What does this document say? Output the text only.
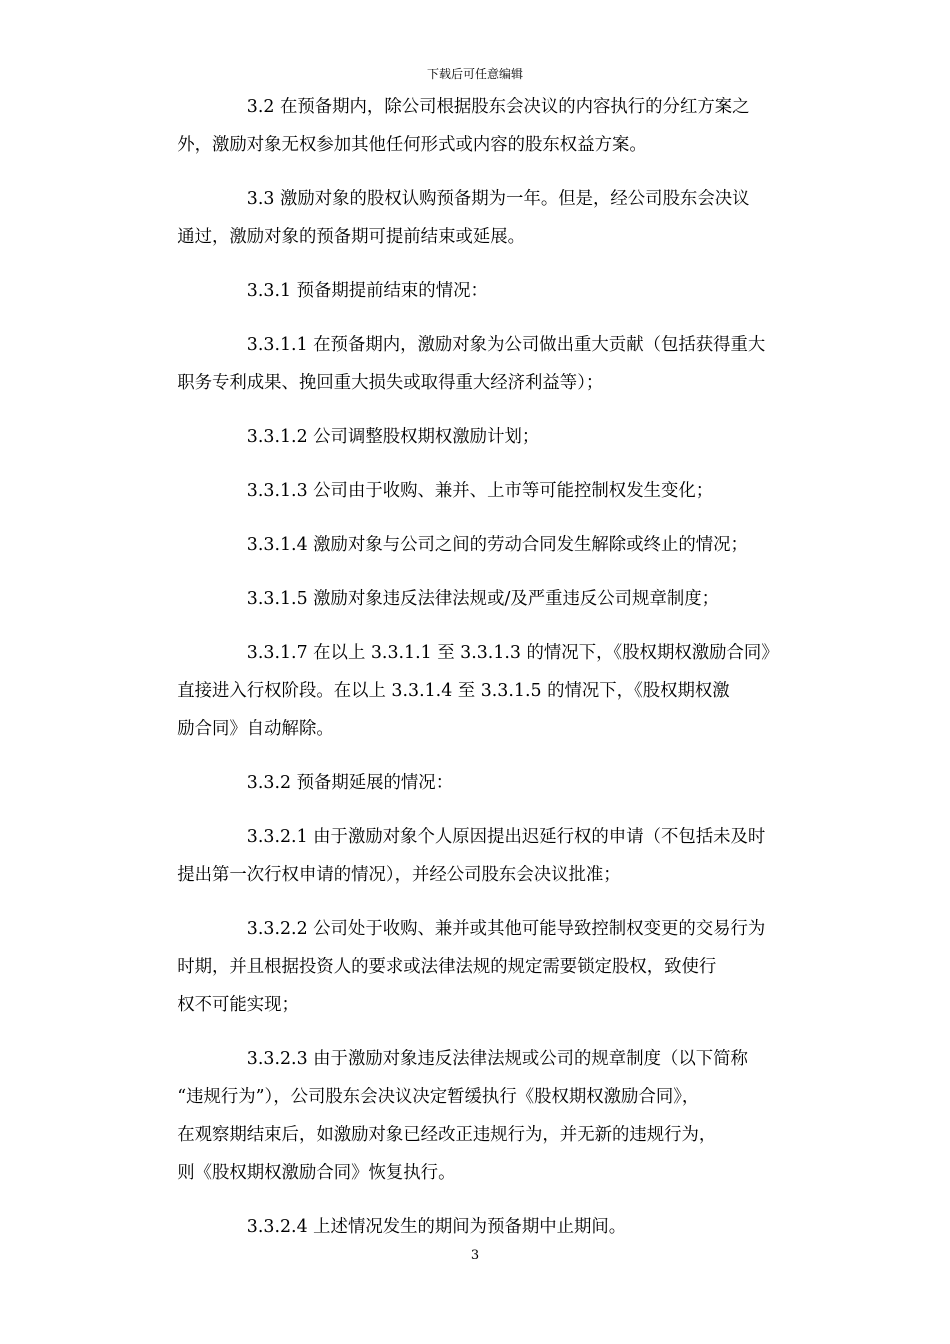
下载后可任意编辑

3.2 在预备期内，除公司根据股东会决议的内容执行的分红方案之
外，激励对象无权参加其他任何形式或内容的股东权益方案。

3.3 激励对象的股权认购预备期为一年。但是，经公司股东会决议
通过，激励对象的预备期可提前结束或延展。

3.3.1 预备期提前结束的情况：

3.3.1.1 在预备期内，激励对象为公司做出重大贡献（包括获得重大
职务专利成果、挽回重大损失或取得重大经济利益等）；

3.3.1.2 公司调整股权期权激励计划；

3.3.1.3 公司由于收购、兼并、上市等可能控制权发生变化；

3.3.1.4 激励对象与公司之间的劳动合同发生解除或终止的情况；

3.3.1.5 激励对象违反法律法规或/及严重违反公司规章制度；

3.3.1.7 在以上 3.3.1.1 至 3.3.1.3 的情况下，《股权期权激励合同》
直接进入行权阶段。在以上 3.3.1.4 至 3.3.1.5 的情况下，《股权期权激
励合同》自动解除。

3.3.2 预备期延展的情况：

3.3.2.1 由于激励对象个人原因提出迟延行权的申请（不包括未及时
提出第一次行权申请的情况），并经公司股东会决议批准；

3.3.2.2 公司处于收购、兼并或其他可能导致控制权变更的交易行为
时期，并且根据投资人的要求或法律法规的规定需要锁定股权，致使行
权不可能实现；

3.3.2.3 由于激励对象违反法律法规或公司的规章制度（以下简称
“违规行为”），公司股东会决议决定暂缓执行《股权期权激励合同》，
在观察期结束后，如激励对象已经改正违规行为，并无新的违规行为，
则《股权期权激励合同》恢复执行。

3.3.2.4 上述情况发生的期间为预备期中止期间。

3
